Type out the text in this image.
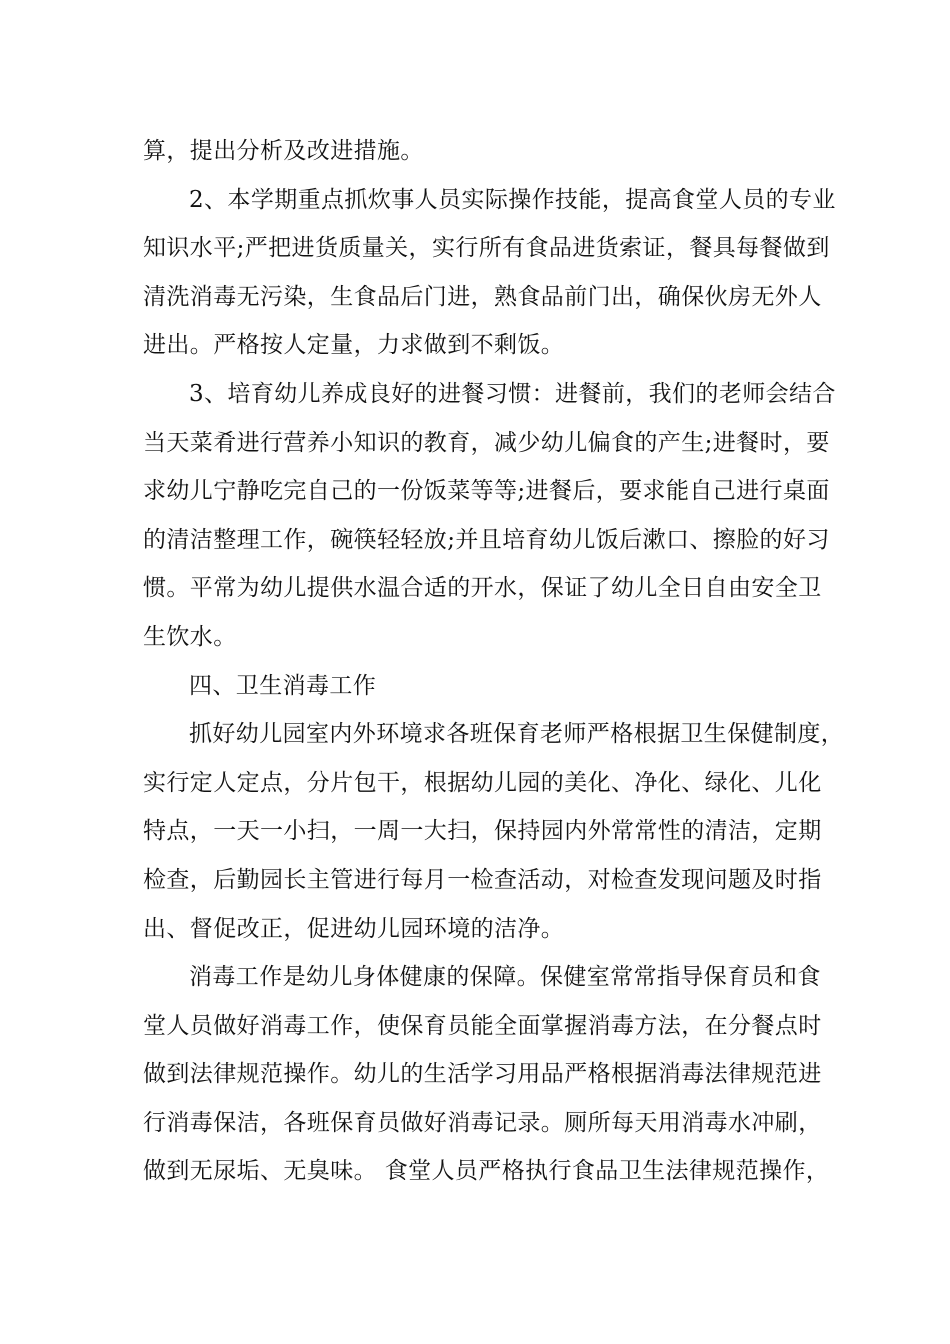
算，提出分析及改进措施。
2、本学期重点抓炊事人员实际操作技能，提高食堂人员的专业
知识水平;严把进货质量关，实行所有食品进货索证，餐具每餐做到
清洗消毒无污染，生食品后门进，熟食品前门出，确保伙房无外人
进出。严格按人定量，力求做到不剩饭。
3、培育幼儿养成良好的进餐习惯：进餐前，我们的老师会结合
当天菜肴进行营养小知识的教育，减少幼儿偏食的产生;进餐时，要
求幼儿宁静吃完自己的一份饭菜等等;进餐后，要求能自己进行桌面
的清洁整理工作，碗筷轻轻放;并且培育幼儿饭后漱口、擦脸的好习
惯。平常为幼儿提供水温合适的开水，保证了幼儿全日自由安全卫
生饮水。
四、卫生消毒工作
抓好幼儿园室内外环境求各班保育老师严格根据卫生保健制度，
实行定人定点，分片包干，根据幼儿园的美化、净化、绿化、儿化
特点，一天一小扫，一周一大扫，保持园内外常常性的清洁，定期
检查，后勤园长主管进行每月一检查活动，对检查发现问题及时指
出、督促改正，促进幼儿园环境的洁净。
消毒工作是幼儿身体健康的保障。保健室常常指导保育员和食
堂人员做好消毒工作，使保育员能全面掌握消毒方法，在分餐点时
做到法律规范操作。幼儿的生活学习用品严格根据消毒法律规范进
行消毒保洁，各班保育员做好消毒记录。厕所每天用消毒水冲刷，
做到无尿垢、无臭味。 食堂人员严格执行食品卫生法律规范操作，
